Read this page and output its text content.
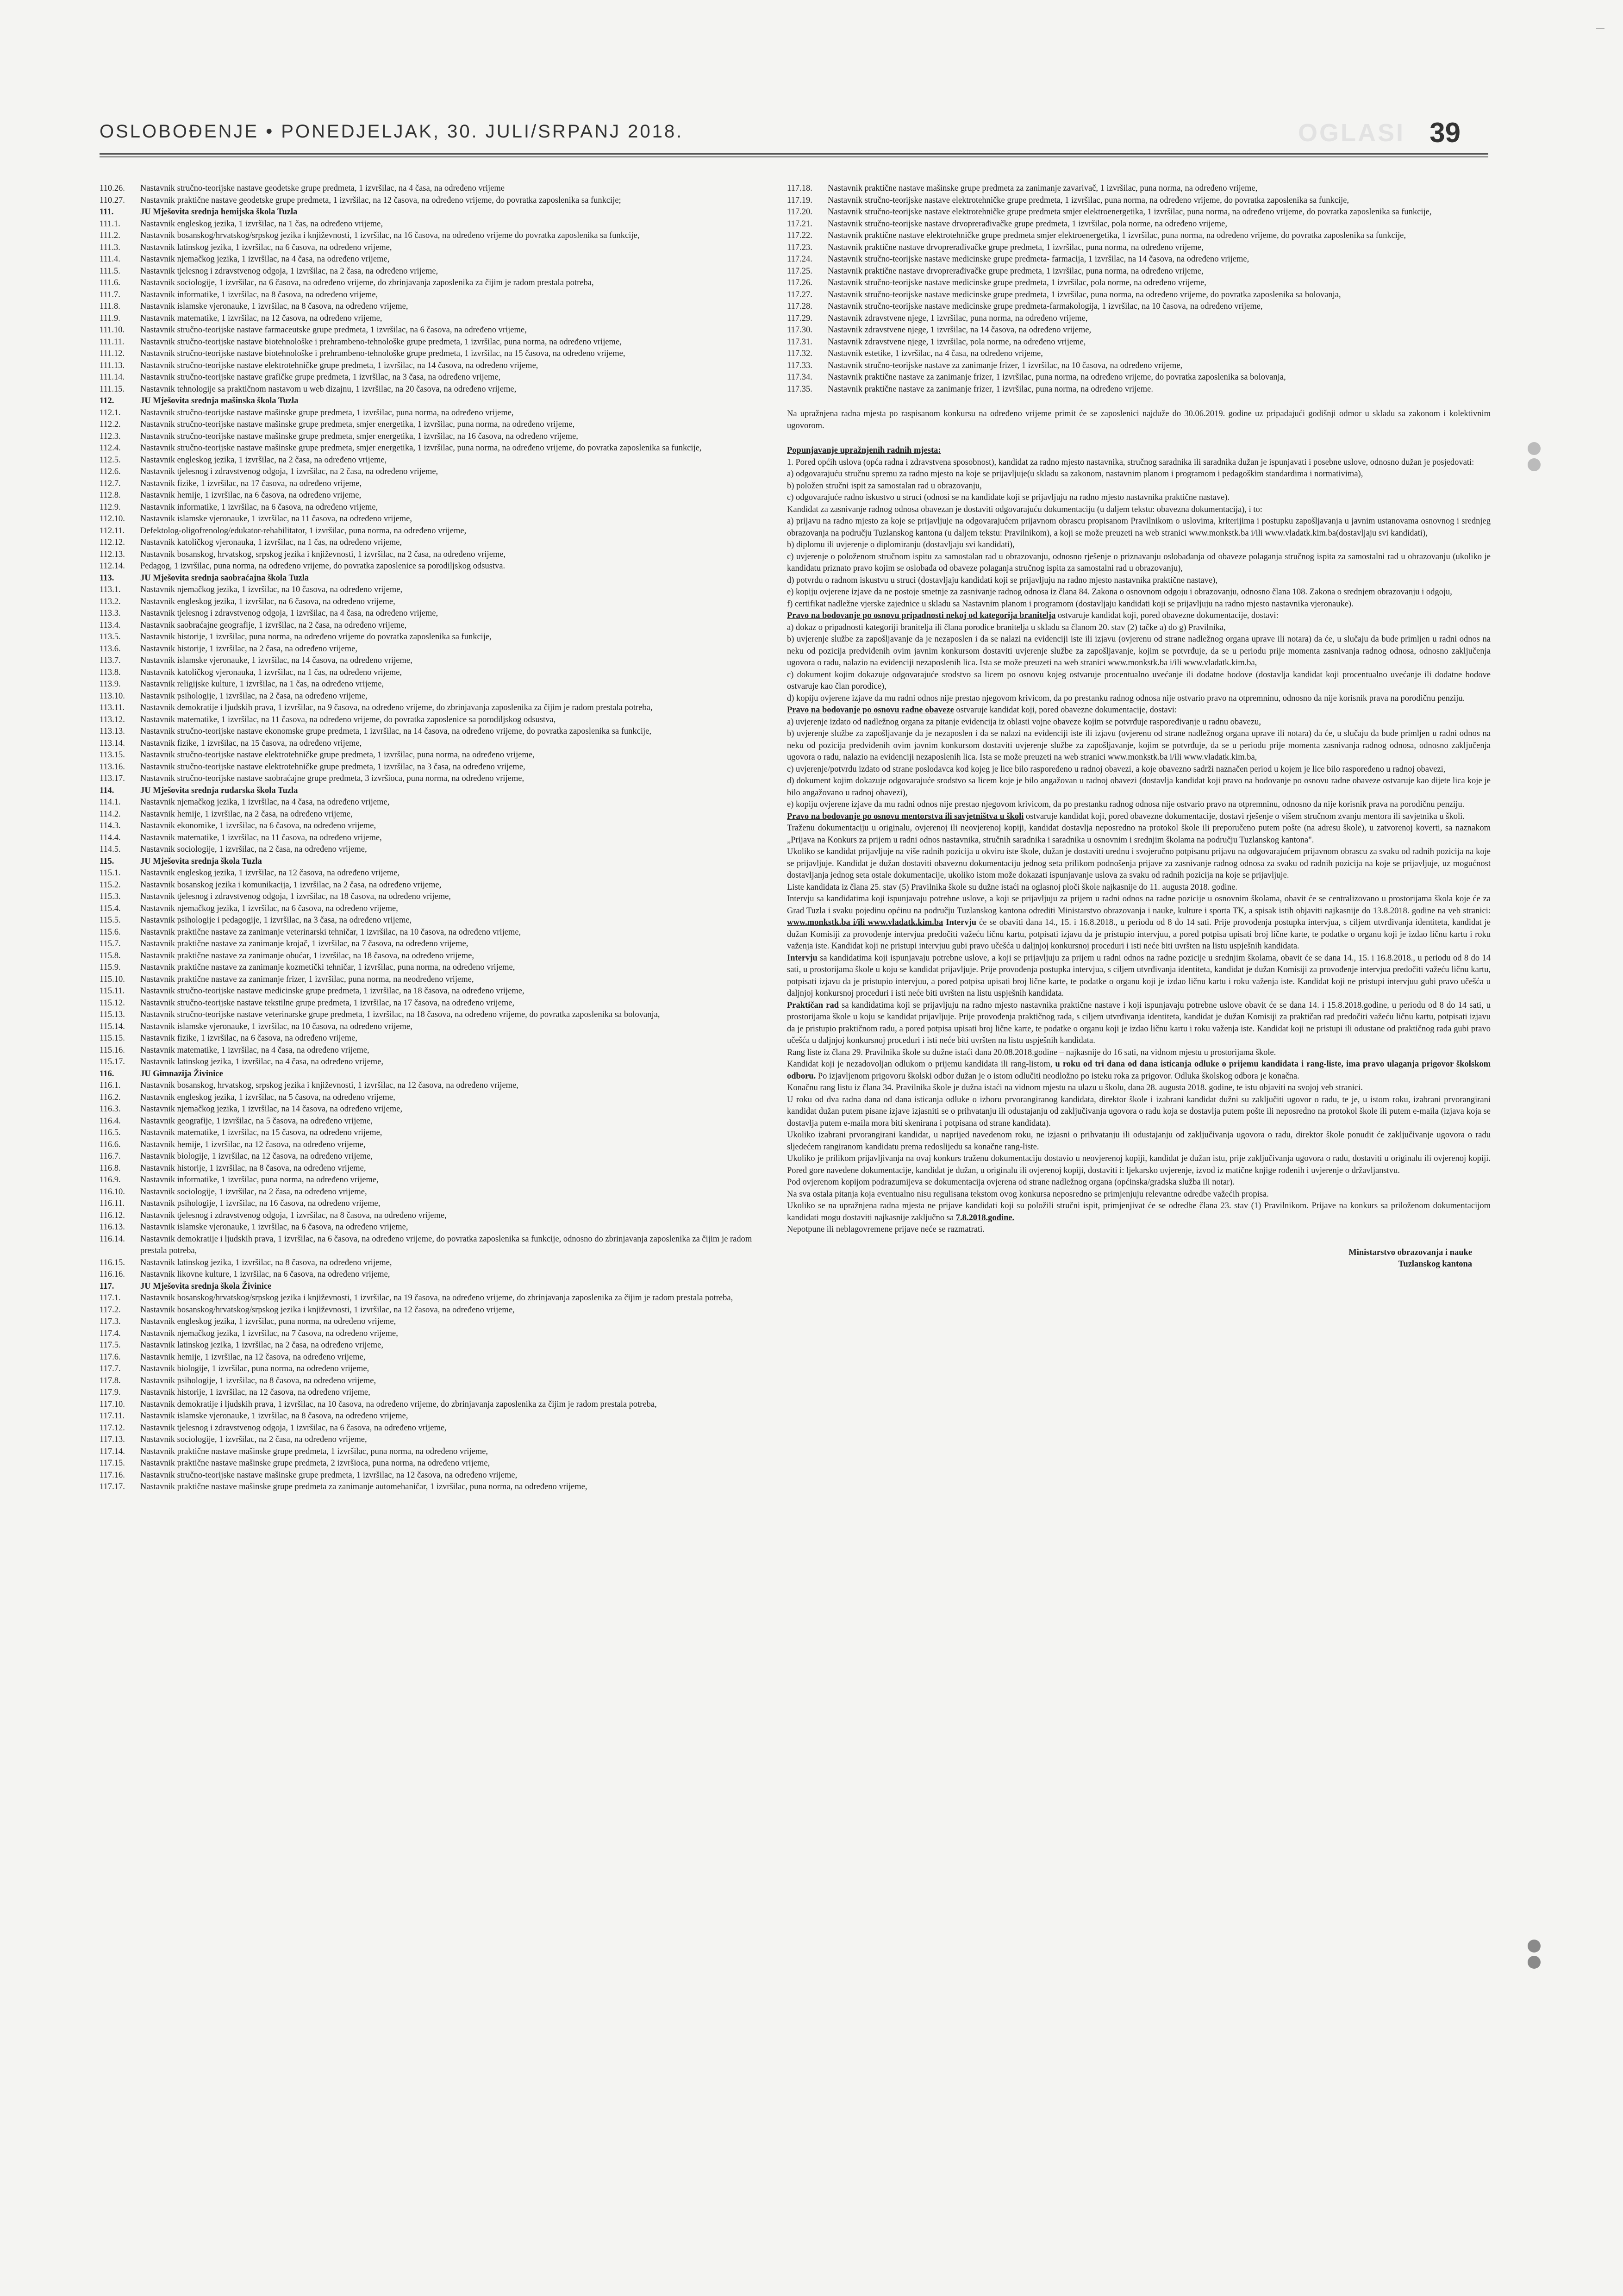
OSLOBOĐENJE • PONEDJELJAK, 30. JULI/SRPANJ 2018.	OGLASI 39
110.26.	Nastavnik stručno-teorijske nastave geodetske grupe predmeta, 1 izvršilac, na 4 časa, na određeno vrijeme
110.27.	Nastavnik praktične nastave geodetske grupe predmeta, 1 izvršilac, na 12 časova, na određeno vrijeme, do povratka zaposlenika sa funkcije;
111.	JU Mješovita srednja hemijska škola Tuzla
111.1.	Nastavnik engleskog jezika, 1 izvršilac, na 1 čas, na određeno vrijeme,
111.2.	Nastavnik bosanskog/hrvatskog/srpskog jezika i književnosti, 1 izvršilac, na 16 časova, na određeno vrijeme do povratka zaposlenika sa funkcije,
111.3.	Nastavnik latinskog jezika, 1 izvršilac, na 6 časova, na određeno vrijeme,
111.4.	Nastavnik njemačkog jezika, 1 izvršilac, na 4 časa, na određeno vrijeme,
111.5.	Nastavnik tjelesnog i zdravstvenog odgoja, 1 izvršilac, na 2 časa, na određeno vrijeme,
111.6.	Nastavnik sociologije, 1 izvršilac, na 6 časova, na određeno vrijeme, do zbrinjavanja zaposlenika za čijim je radom prestala potreba,
111.7.	Nastavnik informatike, 1 izvršilac, na 8 časova, na određeno vrijeme,
111.8.	Nastavnik islamske vjeronauke, 1 izvršilac, na 8 časova, na određeno vrijeme,
111.9.	Nastavnik matematike, 1 izvršilac, na 12 časova, na određeno vrijeme,
111.10.	Nastavnik stručno-teorijske nastave farmaceutske grupe predmeta, 1 izvršilac, na 6 časova, na određeno vrijeme,
111.11.	Nastavnik stručno-teorijske nastave biotehnološke i prehrambeno-tehnološke grupe predmeta, 1 izvršilac, puna norma, na određeno vrijeme,
111.12.	Nastavnik stručno-teorijske nastave biotehnološke i prehrambeno-tehnološke grupe predmeta, 1 izvršilac, na 15 časova, na određeno vrijeme,
111.13.	Nastavnik stručno-teorijske nastave elektrotehničke grupe predmeta, 1 izvršilac, na 14 časova, na određeno vrijeme,
111.14.	Nastavnik stručno-teorijske nastave grafičke grupe predmeta, 1 izvršilac, na 3 časa, na određeno vrijeme,
111.15.	Nastavnik tehnologije sa praktičnom nastavom u web dizajnu, 1 izvršilac, na 20 časova, na određeno vrijeme,
112.	JU Mješovita srednja mašinska škola Tuzla
112.1.	Nastavnik stručno-teorijske nastave mašinske grupe predmeta, 1 izvršilac, puna norma, na određeno vrijeme,
112.2.	Nastavnik stručno-teorijske nastave mašinske grupe predmeta, smjer energetika, 1 izvršilac, puna norma, na određeno vrijeme,
112.3.	Nastavnik stručno-teorijske nastave mašinske grupe predmeta, smjer energetika, 1 izvršilac, na 16 časova, na određeno vrijeme,
112.4.	Nastavnik stručno-teorijske nastave mašinske grupe predmeta, smjer energetika, 1 izvršilac, puna norma, na određeno vrijeme, do povratka zaposlenika sa funkcije,
112.5.	Nastavnik engleskog jezika, 1 izvršilac, na 2 časa, na određeno vrijeme,
112.6.	Nastavnik tjelesnog i zdravstvenog odgoja, 1 izvršilac, na 2 časa, na određeno vrijeme,
112.7.	Nastavnik fizike, 1 izvršilac, na 17 časova, na određeno vrijeme,
112.8.	Nastavnik hemije, 1 izvršilac, na 6 časova, na određeno vrijeme,
112.9.	Nastavnik informatike, 1 izvršilac, na 6 časova, na određeno vrijeme,
112.10.	Nastavnik islamske vjeronauke, 1 izvršilac, na 11 časova, na određeno vrijeme,
112.11.	Defektolog-oligofrenolog/edukator-rehabilitator, 1 izvršilac, puna norma, na određeno vrijeme,
112.12.	Nastavnik katoličkog vjeronauka, 1 izvršilac, na 1 čas, na određeno vrijeme,
112.13.	Nastavnik bosanskog, hrvatskog, srpskog jezika i književnosti, 1 izvršilac, na 2 časa, na određeno vrijeme,
112.14.	Pedagog, 1 izvršilac, puna norma, na određeno vrijeme, do povratka zaposlenice sa porodiljskog odsustva.
113.	JU Mješovita srednja saobraćajna škola Tuzla
113.1.	Nastavnik njemačkog jezika, 1 izvršilac, na 10 časova, na određeno vrijeme,
113.2.	Nastavnik engleskog jezika, 1 izvršilac, na 6 časova, na određeno vrijeme,
113.3.	Nastavnik tjelesnog i zdravstvenog odgoja, 1 izvršilac, na 4 časa, na određeno vrijeme,
113.4.	Nastavnik saobraćajne geografije, 1 izvršilac, na 2 časa, na određeno vrijeme,
113.5.	Nastavnik historije, 1 izvršilac, puna norma, na određeno vrijeme do povratka zaposlenika sa funkcije,
113.6.	Nastavnik historije, 1 izvršilac, na 2 časa, na određeno vrijeme,
113.7.	Nastavnik islamske vjeronauke, 1 izvršilac, na 14 časova, na određeno vrijeme,
113.8.	Nastavnik katoličkog vjeronauka, 1 izvršilac, na 1 čas, na određeno vrijeme,
113.9.	Nastavnik religijske kulture, 1 izvršilac, na 1 čas, na određeno vrijeme,
113.10.	Nastavnik psihologije, 1 izvršilac, na 2 časa, na određeno vrijeme,
113.11.	Nastavnik demokratije i ljudskih prava, 1 izvršilac, na 9 časova, na određeno vrijeme, do zbrinjavanja zaposlenika za čijim je radom prestala potreba,
113.12.	Nastavnik matematike, 1 izvršilac, na 11 časova, na određeno vrijeme, do povratka zaposlenice sa porodiljskog odsustva,
113.13.	Nastavnik stručno-teorijske nastave ekonomske grupe predmeta, 1 izvršilac, na 14 časova, na određeno vrijeme, do povratka zaposlenika sa funkcije,
113.14.	Nastavnik fizike, 1 izvršilac, na 15 časova, na određeno vrijeme,
113.15.	Nastavnik stručno-teorijske nastave elektrotehničke grupe predmeta, 1 izvršilac, puna norma, na određeno vrijeme,
113.16.	Nastavnik stručno-teorijske nastave elektrotehničke grupe predmeta, 1 izvršilac, na 3 časa, na određeno vrijeme,
113.17.	Nastavnik stručno-teorijske nastave saobraćajne grupe predmeta, 3 izvršioca, puna norma, na određeno vrijeme,
114.	JU Mješovita srednja rudarska škola Tuzla
114.1.	Nastavnik njemačkog jezika, 1 izvršilac, na 4 časa, na određeno vrijeme,
114.2.	Nastavnik hemije, 1 izvršilac, na 2 časa, na određeno vrijeme,
114.3.	Nastavnik ekonomike, 1 izvršilac, na 6 časova, na određeno vrijeme,
114.4.	Nastavnik matematike, 1 izvršilac, na 11 časova, na određeno vrijeme,
114.5.	Nastavnik sociologije, 1 izvršilac, na 2 časa, na određeno vrijeme,
115.	JU Mješovita srednja škola Tuzla
115.1.	Nastavnik engleskog jezika, 1 izvršilac, na 12 časova, na određeno vrijeme,
115.2.	Nastavnik bosanskog jezika i komunikacija, 1 izvršilac, na 2 časa, na određeno vrijeme,
115.3.	Nastavnik tjelesnog i zdravstvenog odgoja, 1 izvršilac, na 18 časova, na određeno vrijeme,
115.4.	Nastavnik njemačkog jezika, 1 izvršilac, na 6 časova, na određeno vrijeme,
115.5.	Nastavnik psihologije i pedagogije, 1 izvršilac, na 3 časa, na određeno vrijeme,
115.6.	Nastavnik praktične nastave za zanimanje veterinarski tehničar, 1 izvršilac, na 10 časova, na određeno vrijeme,
115.7.	Nastavnik praktične nastave za zanimanje krojač, 1 izvršilac, na 7 časova, na određeno vrijeme,
115.8.	Nastavnik praktične nastave za zanimanje obućar, 1 izvršilac, na 18 časova, na određeno vrijeme,
115.9.	Nastavnik praktične nastave za zanimanje kozmetički tehničar, 1 izvršilac, puna norma, na određeno vrijeme,
115.10.	Nastavnik praktične nastave za zanimanje frizer, 1 izvršilac, puna norma, na neodređeno vrijeme,
115.11.	Nastavnik stručno-teorijske nastave medicinske grupe predmeta, 1 izvršilac, na 18 časova, na određeno vrijeme,
115.12.	Nastavnik stručno-teorijske nastave tekstilne grupe predmeta, 1 izvršilac, na 17 časova, na određeno vrijeme,
115.13.	Nastavnik stručno-teorijske nastave veterinarske grupe predmeta, 1 izvršilac, na 18 časova, na određeno vrijeme, do povratka zaposlenika sa bolovanja,
115.14.	Nastavnik islamske vjeronauke, 1 izvršilac, na 10 časova, na određeno vrijeme,
115.15.	Nastavnik fizike, 1 izvršilac, na 6 časova, na određeno vrijeme,
115.16.	Nastavnik matematike, 1 izvršilac, na 4 časa, na određeno vrijeme,
115.17.	Nastavnik latinskog jezika, 1 izvršilac, na 4 časa, na određeno vrijeme,
116.	JU Gimnazija Živinice
116.1.	Nastavnik bosanskog, hrvatskog, srpskog jezika i književnosti, 1 izvršilac, na 12 časova, na određeno vrijeme,
116.2.	Nastavnik engleskog jezika, 1 izvršilac, na 5 časova, na određeno vrijeme,
116.3.	Nastavnik njemačkog jezika, 1 izvršilac, na 14 časova, na određeno vrijeme,
116.4.	Nastavnik geografije, 1 izvršilac, na 5 časova, na određeno vrijeme,
116.5.	Nastavnik matematike, 1 izvršilac, na 15 časova, na određeno vrijeme,
116.6.	Nastavnik hemije, 1 izvršilac, na 12 časova, na određeno vrijeme,
116.7.	Nastavnik biologije, 1 izvršilac, na 12 časova, na određeno vrijeme,
116.8.	Nastavnik historije, 1 izvršilac, na 8 časova, na određeno vrijeme,
116.9.	Nastavnik informatike, 1 izvršilac, puna norma, na određeno vrijeme,
116.10.	Nastavnik sociologije, 1 izvršilac, na 2 časa, na određeno vrijeme,
116.11.	Nastavnik psihologije, 1 izvršilac, na 16 časova, na određeno vrijeme,
116.12.	Nastavnik tjelesnog i zdravstvenog odgoja, 1 izvršilac, na 8 časova, na određeno vrijeme,
116.13.	Nastavnik islamske vjeronauke, 1 izvršilac, na 6 časova, na određeno vrijeme,
116.14.	Nastavnik demokratije i ljudskih prava, 1 izvršilac, na 6 časova, na određeno vrijeme, do povratka zaposlenika sa funkcije, odnosno do zbrinjavanja zaposlenika za čijim je radom prestala potreba,
116.15.	Nastavnik latinskog jezika, 1 izvršilac, na 8 časova, na određeno vrijeme,
116.16.	Nastavnik likovne kulture, 1 izvršilac, na 6 časova, na određeno vrijeme,
117.	JU Mješovita srednja škola Živinice
117.1.	Nastavnik bosanskog/hrvatskog/srpskog jezika i književnosti, 1 izvršilac, na 19 časova, na određeno vrijeme, do zbrinjavanja zaposlenika za čijim je radom prestala potreba,
117.2.	Nastavnik bosanskog/hrvatskog/srpskog jezika i književnosti, 1 izvršilac, na 12 časova, na određeno vrijeme,
117.3.	Nastavnik engleskog jezika, 1 izvršilac, puna norma, na određeno vrijeme,
117.4.	Nastavnik njemačkog jezika, 1 izvršilac, na 7 časova, na određeno vrijeme,
117.5.	Nastavnik latinskog jezika, 1 izvršilac, na 2 časa, na određeno vrijeme,
117.6.	Nastavnik hemije, 1 izvršilac, na 12 časova, na određeno vrijeme,
117.7.	Nastavnik biologije, 1 izvršilac, puna norma, na određeno vrijeme,
117.8.	Nastavnik psihologije, 1 izvršilac, na 8 časova, na određeno vrijeme,
117.9.	Nastavnik historije, 1 izvršilac, na 12 časova, na određeno vrijeme,
117.10.	Nastavnik demokratije i ljudskih prava, 1 izvršilac, na 10 časova, na određeno vrijeme, do zbrinjavanja zaposlenika za čijim je radom prestala potreba,
117.11.	Nastavnik islamske vjeronauke, 1 izvršilac, na 8 časova, na određeno vrijeme,
117.12.	Nastavnik tjelesnog i zdravstvenog odgoja, 1 izvršilac, na 6 časova, na određeno vrijeme,
117.13.	Nastavnik sociologije, 1 izvršilac, na 2 časa, na određeno vrijeme,
117.14.	Nastavnik praktične nastave mašinske grupe predmeta, 1 izvršilac, puna norma, na određeno vrijeme,
117.15.	Nastavnik praktične nastave mašinske grupe predmeta, 2 izvršioca, puna norma, na određeno vrijeme,
117.16.	Nastavnik stručno-teorijske nastave mašinske grupe predmeta, 1 izvršilac, na 12 časova, na određeno vrijeme,
117.17.	Nastavnik praktične nastave mašinske grupe predmeta za zanimanje automehaničar, 1 izvršilac, puna norma, na određeno vrijeme,
117.18.	Nastavnik praktične nastave mašinske grupe predmeta za zanimanje zavarivač, 1 izvršilac, puna norma, na određeno vrijeme,
117.19.	Nastavnik stručno-teorijske nastave elektrotehničke grupe predmeta, 1 izvršilac, puna norma, na određeno vrijeme, do povratka zaposlenika sa funkcije,
117.20.	Nastavnik stručno-teorijske nastave elektrotehničke grupe predmeta smjer elektroenergetika, 1 izvršilac, puna norma, na određeno vrijeme, do povratka zaposlenika sa funkcije,
117.21.	Nastavnik stručno-teorijske nastave drvoprerađivačke grupe predmeta, 1 izvršilac, pola norme, na određeno vrijeme,
117.22.	Nastavnik praktične nastave elektrotehničke grupe predmeta smjer elektroenergetika, 1 izvršilac, puna norma, na određeno vrijeme, do povratka zaposlenika sa funkcije,
117.23.	Nastavnik praktične nastave drvoprerađivačke grupe predmeta, 1 izvršilac, puna norma, na određeno vrijeme,
117.24.	Nastavnik stručno-teorijske nastave medicinske grupe predmeta- farmacija, 1 izvršilac, na 14 časova, na određeno vrijeme,
117.25.	Nastavnik praktične nastave drvoprerađivačke grupe predmeta, 1 izvršilac, puna norma, na određeno vrijeme,
117.26.	Nastavnik stručno-teorijske nastave medicinske grupe predmeta, 1 izvršilac, pola norme, na određeno vrijeme,
117.27.	Nastavnik stručno-teorijske nastave medicinske grupe predmeta, 1 izvršilac, puna norma, na određeno vrijeme, do povratka zaposlenika sa bolovanja,
117.28.	Nastavnik stručno-teorijske nastave medicinske grupe predmeta-farmakologija, 1 izvršilac, na 10 časova, na određeno vrijeme,
117.29.	Nastavnik zdravstvene njege, 1 izvršilac, puna norma, na određeno vrijeme,
117.30.	Nastavnik zdravstvene njege, 1 izvršilac, na 14 časova, na određeno vrijeme,
117.31.	Nastavnik zdravstvene njege, 1 izvršilac, pola norme, na određeno vrijeme,
117.32.	Nastavnik estetike, 1 izvršilac, na 4 časa, na određeno vrijeme,
117.33.	Nastavnik stručno-teorijske nastave za zanimanje frizer, 1 izvršilac, na 10 časova, na određeno vrijeme,
117.34.	Nastavnik praktične nastave za zanimanje frizer, 1 izvršilac, puna norma, na određeno vrijeme, do povratka zaposlenika sa bolovanja,
117.35.	Nastavnik praktične nastave za zanimanje frizer, 1 izvršilac, puna norma, na određeno vrijeme.

Na upražnjena radna mjesta po raspisanom konkursu na određeno vrijeme primit će se zaposlenici najduže do 30.06.2019. godine uz pripadajući godišnji odmor u skladu sa zakonom i kolektivnim ugovorom.

Popunjavanje upražnjenih radnih mjesta:

1. Pored općih uslova (opća radna i zdravstvena sposobnost), kandidat za radno mjesto nastavnika, stručnog saradnika ili saradnika dužan je ispunjavati i posebne uslove, odnosno dužan je posjedovati:

a) odgovarajuću stručnu spremu za radno mjesto na koje se prijavljuje(u skladu sa zakonom, nastavnim planom i programom i pedagoškim standardima i normativima),

b) položen stručni ispit za samostalan rad u obrazovanju,

c) odgovarajuće radno iskustvo u struci (odnosi se na kandidate koji se prijavljuju na radno mjesto nastavnika praktične nastave).

Kandidat za zasnivanje radnog odnosa obavezan je dostaviti odgovarajuću dokumentaciju (u daljem tekstu: obavezna dokumentacija), i to:

a) prijavu na radno mjesto za koje se prijavljuje na odgovarajućem prijavnom obrascu propisanom Pravilnikom o uslovima, kriterijima i postupku zapošljavanja u javnim ustanovama osnovnog i srednjeg obrazovanja na području Tuzlanskog kantona (u daljem tekstu: Pravilnikom), a koji se može preuzeti na web stranici www.monkstk.ba i/ili www.vladatk.kim.ba(dostavljaju svi kandidati),

b) diplomu ili uvjerenje o diplomiranju (dostavljaju svi kandidati),

c) uvjerenje o položenom stručnom ispitu za samostalan rad u obrazovanju, odnosno rješenje o priznavanju oslobađanja od obaveze polaganja stručnog ispita za samostalni rad u obrazovanju (ukoliko je kandidatu priznato pravo kojim se oslobađa od obaveze polaganja stručnog ispita za samostalni rad u obrazovanju),

d) potvrdu o radnom iskustvu u struci (dostavljaju kandidati koji se prijavljuju na radno mjesto nastavnika praktične nastave),

e) kopiju ovjerene izjave da ne postoje smetnje za zasnivanje radnog odnosa iz člana 84. Zakona o osnovnom odgoju i obrazovanju, odnosno člana 108. Zakona o srednjem obrazovanju i odgoju,

f) certifikat nadležne vjerske zajednice u skladu sa Nastavnim planom i programom (dostavljaju kandidati koji se prijavljuju na radno mjesto nastavnika vjeronauke).

Pravo na bodovanje po osnovu pripadnosti nekoj od kategorija branitelja ostvaruje kandidat koji, pored obavezne dokumentacije, dostavi:

a) dokaz o pripadnosti kategoriji branitelja ili člana porodice branitelja u skladu sa članom 20. stav (2) tačke a) do g) Pravilnika,

b) uvjerenje službe za zapošljavanje da je nezaposlen i da se nalazi na evidenciji iste ili izjavu (ovjerenu od strane nadležnog organa uprave ili notara) da će, u slučaju da bude primljen u radni odnos na neku od pozicija predviđenih ovim javnim konkursom dostaviti uvjerenje službe za zapošljavanje, kojim se potvrđuje, da se u periodu prije momenta zasnivanja radnog odnosa, odnosno zaključenja ugovora o radu, nalazio na evidenciji nezaposlenih lica. Ista se može preuzeti na web stranici www.monkstk.ba i/ili www.vladatk.kim.ba,

c) dokument kojim dokazuje odgovarajuće srodstvo sa licem po osnovu kojeg ostvaruje procentualno uvećanje ili dodatne bodove (dostavlja kandidat koji procentualno uvećanje ili dodatne bodove ostvaruje kao član porodice),

d) kopiju ovjerene izjave da mu radni odnos nije prestao njegovom krivicom, da po prestanku radnog odnosa nije ostvario pravo na otpremninu, odnosno da nije korisnik prava na porodičnu penziju.

Pravo na bodovanje po osnovu radne obaveze ostvaruje kandidat koji, pored obavezne dokumentacije, dostavi:

a) uvjerenje izdato od nadležnog organa za pitanje evidencija iz oblasti vojne obaveze kojim se potvrđuje raspoređivanje u radnu obavezu,

b) uvjerenje službe za zapošljavanje da je nezaposlen i da se nalazi na evidenciji iste ili izjavu (ovjerenu od strane nadležnog organa uprave ili notara) da će, u slučaju da bude primljen u radni odnos na neku od pozicija predviđenih ovim javnim konkursom dostaviti uvjerenje službe za zapošljavanje, kojim se potvrđuje, da se u periodu prije momenta zasnivanja radnog odnosa, odnosno zaključenja ugovora o radu, nalazio na evidenciji nezaposlenih lica. Ista se može preuzeti na web stranici www.monkstk.ba i/ili www.vladatk.kim.ba,

c) uvjerenje/potvrdu izdato od strane poslodavca kod kojeg je lice bilo raspoređeno u radnoj obavezi, a koje obavezno sadrži naznačen period u kojem je lice bilo raspoređeno u radnoj obavezi,

d) dokument kojim dokazuje odgovarajuće srodstvo sa licem koje je bilo angažovan u radnoj obavezi (dostavlja kandidat koji pravo na bodovanje po osnovu radne obaveze ostvaruje kao dijete lica koje je bilo angažovano u radnoj obavezi),

e) kopiju ovjerene izjave da mu radni odnos nije prestao njegovom krivicom, da po prestanku radnog odnosa nije ostvario pravo na otpremninu, odnosno da nije korisnik prava na porodičnu penziju.

Pravo na bodovanje po osnovu mentorstva ili savjetništva u školi ostvaruje kandidat koji, pored obavezne dokumentacije, dostavi rješenje o višem stručnom zvanju mentora ili savjetnika u školi.

Traženu dokumentaciju u originalu, ovjerenoj ili neovjerenoj kopiji, kandidat dostavlja neposredno na protokol škole ili preporučeno putem pošte (na adresu škole), u zatvorenoj koverti, sa naznakom „Prijava na Konkurs za prijem u radni odnos nastavnika, stručnih saradnika i saradnika u osnovnim i srednjim školama na području Tuzlanskog kantona".

Ukoliko se kandidat prijavljuje na više radnih pozicija u okviru iste škole, dužan je dostaviti urednu i svojeručno potpisanu prijavu na odgovarajućem prijavnom obrascu za svaku od radnih pozicija na koje se prijavljuje. Kandidat je dužan dostaviti obaveznu dokumentaciju jednog seta prilikom podnošenja prijave za zasnivanje radnog odnosa za svaku od radnih pozicija na koje se prijavljuje, uz mogućnost dostavljanja jednog seta ostale dokumentacije, ukoliko istom može dokazati ispunjavanje uslova za svaku od radnih pozicija na koje se prijavljuje.

Liste kandidata iz člana 25. stav (5) Pravilnika škole su dužne istaći na oglasnoj ploči škole najkasnije do 11. augusta 2018. godine.

Intervju sa kandidatima koji ispunjavaju potrebne uslove, a koji se prijavljuju za prijem u radni odnos na radne pozicije u osnovnim školama, obavit će se centralizovano u prostorijama škola koje će za Grad Tuzla i svaku pojedinu općinu na području Tuzlanskog kantona odrediti Ministarstvo obrazovanja i nauke, kulture i sporta TK, a spisak istih objaviti najkasnije do 13.8.2018. godine na veb stranici: www.monkstk.ba i/ili www.vladatk.kim.ba Intervju će se obaviti dana 14., 15. i 16.8.2018., u periodu od 8 do 14 sati. Prije provođenja postupka intervjua, s ciljem utvrđivanja identiteta, kandidat je dužan Komisiji za provođenje intervjua predočiti važeću ličnu kartu, potpisati izjavu da je pristupio intervjuu, a pored potpisa upisati broj lične karte, te podatke o organu koji je izdao ličnu kartu i roku važenja iste. Kandidat koji ne pristupi intervjuu gubi pravo učešća u daljnjoj konkursnoj proceduri i isti neće biti uvršten na listu uspješnih kandidata.

Intervju sa kandidatima koji ispunjavaju potrebne uslove, a koji se prijavljuju za prijem u radni odnos na radne pozicije u srednjim školama, obavit će se dana 14., 15. i 16.8.2018., u periodu od 8 do 14 sati, u prostorijama škole u koju se kandidat prijavljuje. Prije provođenja postupka intervjua, s ciljem utvrđivanja identiteta, kandidat je dužan Komisiji za provođenje intervjua predočiti važeću ličnu kartu, potpisati izjavu da je pristupio intervjuu, a pored potpisa upisati broj lične karte, te podatke o organu koji je izdao ličnu kartu i roku važenja iste. Kandidat koji ne pristupi intervjuu gubi pravo učešća u daljnjoj konkursnoj proceduri i isti neće biti uvršten na listu uspješnih kandidata.

Praktičan rad sa kandidatima koji se prijavljuju na radno mjesto nastavnika praktične nastave i koji ispunjavaju potrebne uslove obavit će se dana 14. i 15.8.2018.godine, u periodu od 8 do 14 sati, u prostorijama škole u koju se kandidat prijavljuje. Prije provođenja praktičnog rada, s ciljem utvrđivanja identiteta, kandidat je dužan Komisiji za praktičan rad predočiti važeću ličnu kartu, potpisati izjavu da je pristupio praktičnom radu, a pored potpisa upisati broj lične karte, te podatke o organu koji je izdao ličnu kartu i roku važenja iste. Kandidat koji ne pristupi ili odustane od praktičnog rada gubi pravo učešća u daljnjoj konkursnoj proceduri i isti neće biti uvršten na listu uspješnih kandidata.

Rang liste iz člana 29. Pravilnika škole su dužne istaći dana 20.08.2018.godine – najkasnije do 16 sati, na vidnom mjestu u prostorijama škole.

Kandidat koji je nezadovoljan odlukom o prijemu kandidata ili rang-listom, u roku od tri dana od dana isticanja odluke o prijemu kandidata i rang-liste, ima pravo ulaganja prigovor školskom odboru. Po izjavljenom prigovoru školski odbor dužan je o istom odlučiti neodložno po isteku roka za prigovor. Odluka školskog odbora je konačna.

Konačnu rang listu iz člana 34. Pravilnika škole je dužna istaći na vidnom mjestu na ulazu u školu, dana 28. augusta 2018. godine, te istu objaviti na svojoj veb stranici.

U roku od dva radna dana od dana isticanja odluke o izboru prvorangiranog kandidata, direktor škole i izabrani kandidat dužni su zaključiti ugovor o radu, te je, u istom roku, izabrani prvorangirani kandidat dužan putem pisane izjave izjasniti se o prihvatanju ili odustajanju od zaključivanja ugovora o radu koja se dostavlja putem pošte ili neposredno na protokol škole ili putem e-maila (izjava koja se dostavlja putem e-maila mora biti skenirana i potpisana od strane kandidata).

Ukoliko izabrani prvorangirani kandidat, u naprijed navedenom roku, ne izjasni o prihvatanju ili odustajanju od zaključivanja ugovora o radu, direktor škole ponudit će zaključivanje ugovora o radu sljedećem rangiranom kandidatu prema redoslijedu sa konačne rang-liste.

Ukoliko je prilikom prijavljivanja na ovaj konkurs traženu dokumentaciju dostavio u neovjerenoj kopiji, kandidat je dužan istu, prije zaključivanja ugovora o radu, dostaviti u originalu ili ovjerenoj kopiji. Pored gore navedene dokumentacije, kandidat je dužan, u originalu ili ovjerenoj kopiji, dostaviti i: ljekarsko uvjerenje, izvod iz matične knjige rođenih i uvjerenje o državljanstvu.

Pod ovjerenom kopijom podrazumijeva se dokumentacija ovjerena od strane nadležnog organa (općinska/gradska služba ili notar).

Na sva ostala pitanja koja eventualno nisu regulisana tekstom ovog konkursa neposredno se primjenjuju relevantne odredbe važećih propisa.

Ukoliko se na upražnjena radna mjesta ne prijave kandidati koji su položili stručni ispit, primjenjivat će se odredbe člana 23. stav (1) Pravilnikom. Prijave na konkurs sa priloženom dokumentacijom kandidati mogu dostaviti najkasnije zaključno sa 7.8.2018.godine.

Nepotpune ili neblagovremene prijave neće se razmatrati.

Ministarstvo obrazovanja i nauke
Tuzlanskog kantona
